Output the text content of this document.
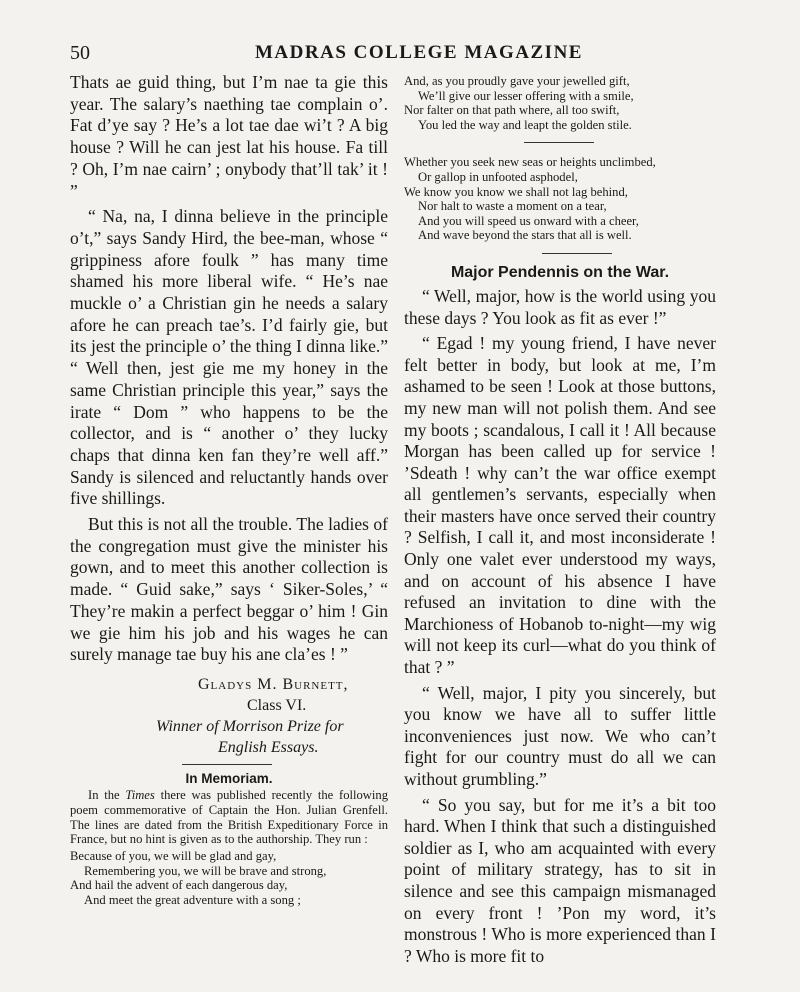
50	MADRAS COLLEGE MAGAZINE

Thats ae guid thing, but I’m nae ta gie this year. The salary’s naething tae complain o’. Fat d’ye say ? He’s a lot tae dae wi’t ? A big house ? Will he can jest lat his house. Fa till ? Oh, I’m nae cairn’ ; onybody that’ll tak’ it ! ”

“ Na, na, I dinna believe in the principle o’t,” says Sandy Hird, the bee-man, whose “ grippiness afore foulk ” has many time shamed his more liberal wife. “ He’s nae muckle o’ a Christian gin he needs a salary afore he can preach tae’s. I’d fairly gie, but its jest the principle o’ the thing I dinna like.” “ Well then, jest gie me my honey in the same Christian principle this year,” says the irate “ Dom ” who happens to be the collector, and is “ another o’ they lucky chaps that dinna ken fan they’re well aff.” Sandy is silenced and reluctantly hands over five shillings.

But this is not all the trouble. The ladies of the congregation must give the minister his gown, and to meet this another collection is made. “ Guid sake,” says ‘ Siker-Soles,’ “ They’re makin a perfect beggar o’ him ! Gin we gie him his job and his wages he can surely manage tae buy his ane cla’es ! ”

Gladys M. Burnett,
Class VI.
Winner of Morrison Prize for
English Essays.
In Memoriam.

In the Times there was published recently the following poem commemorative of Captain the Hon. Julian Grenfell. The lines are dated from the British Expeditionary Force in France, but no hint is given as to the authorship. They run :

Because of you, we will be glad and gay,
Remembering you, we will be brave and strong,
And hail the advent of each dangerous day,
And meet the great adventure with a song ;
And, as you proudly gave your jewelled gift,
We’ll give our lesser offering with a smile,
Nor falter on that path where, all too swift,
You led the way and leapt the golden stile.
Whether you seek new seas or heights unclimbed,
Or gallop in unfooted asphodel,
We know you know we shall not lag behind,
Nor halt to waste a moment on a tear,
And you will speed us onward with a cheer,
And wave beyond the stars that all is well.
Major Pendennis on the War.

“ Well, major, how is the world using you these days ? You look as fit as ever !”

“ Egad ! my young friend, I have never felt better in body, but look at me, I’m ashamed to be seen ! Look at those buttons, my new man will not polish them. And see my boots ; scandalous, I call it ! All because Morgan has been called up for service ! ’Sdeath ! why can’t the war office exempt all gentlemen’s servants, especially when their masters have once served their country ? Selfish, I call it, and most inconsiderate ! Only one valet ever understood my ways, and on account of his absence I have refused an invitation to dine with the Marchioness of Hobanob to-night—my wig will not keep its curl—what do you think of that ? ”

“ Well, major, I pity you sincerely, but you know we have all to suffer little inconveniences just now. We who can’t fight for our country must do all we can without grumbling.”

“ So you say, but for me it’s a bit too hard. When I think that such a distinguished soldier as I, who am acquainted with every point of military strategy, has to sit in silence and see this campaign mismanaged on every front ! ’Pon my word, it’s monstrous ! Who is more experienced than I ? Who is more fit to
